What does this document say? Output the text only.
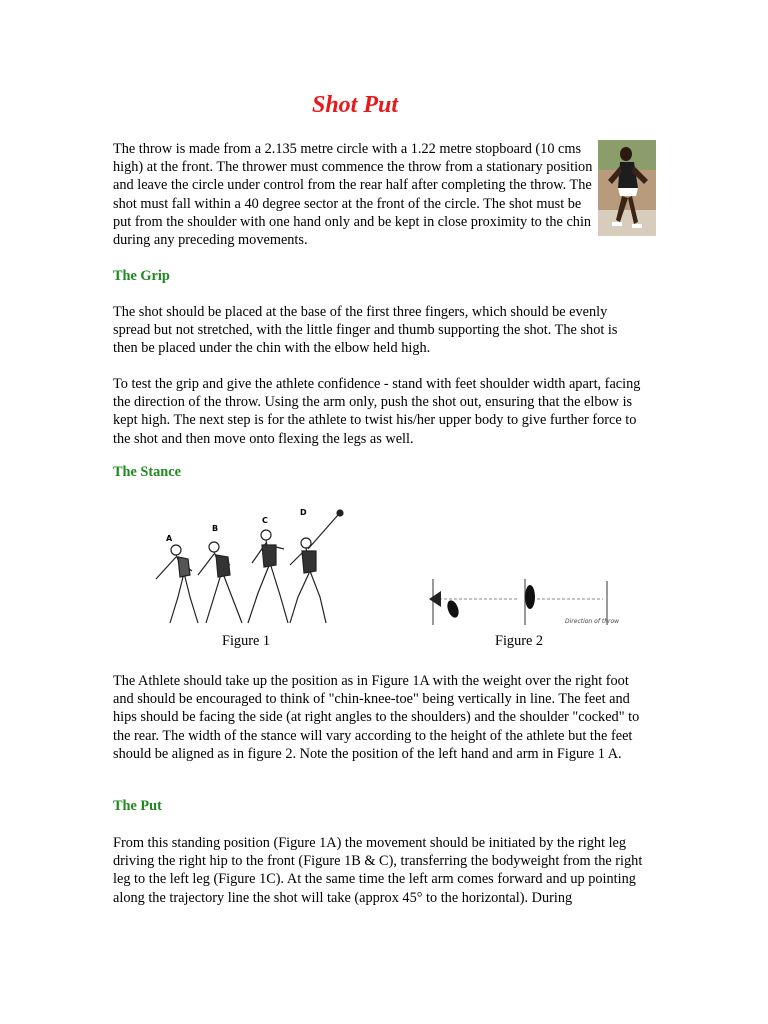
Shot Put

The throw is made from a 2.135 metre circle with a 1.22 metre stopboard (10 cms high) at the front. The thrower must commence the throw from a stationary position and leave the circle under control from the rear half after completing the throw. The shot must fall within a 40 degree sector at the front of the circle. The shot must be put from the shoulder with one hand only and be kept in close proximity to the chin during any preceding movements.

The Grip

The shot should be placed at the base of the first three fingers, which should be evenly spread but not stretched, with the little finger and thumb supporting the shot. The shot is then be placed under the chin with the elbow held high.

To test the grip and give the athlete confidence - stand with feet shoulder width apart, facing the direction of the throw. Using the arm only, push the shot out, ensuring that the elbow is kept high. The next step is for the athlete to twist his/her upper body to give further force to the shot and then move onto flexing the legs as well.

The Stance

The Athlete should take up the position as in Figure 1A with the weight over the right foot and should be encouraged to think of "chin-knee-toe" being vertically in line. The feet and hips should be facing the side (at right angles to the shoulders) and the shoulder "cocked" to the rear. The width of the stance will vary according to the height of the athlete but the feet should be aligned as in figure 2. Note the position of the left hand and arm in Figure 1 A.

The Put

From this standing position (Figure 1A) the movement should be initiated by the right leg driving the right hip to the front (Figure 1B & C), transferring the bodyweight from the right leg to the left leg (Figure 1C). At the same time the left arm comes forward and up pointing along the trajectory line the shot will take (approx 45° to the horizontal). During

A
B
C
D
Direction of throw

Figure 1	Figure 2
